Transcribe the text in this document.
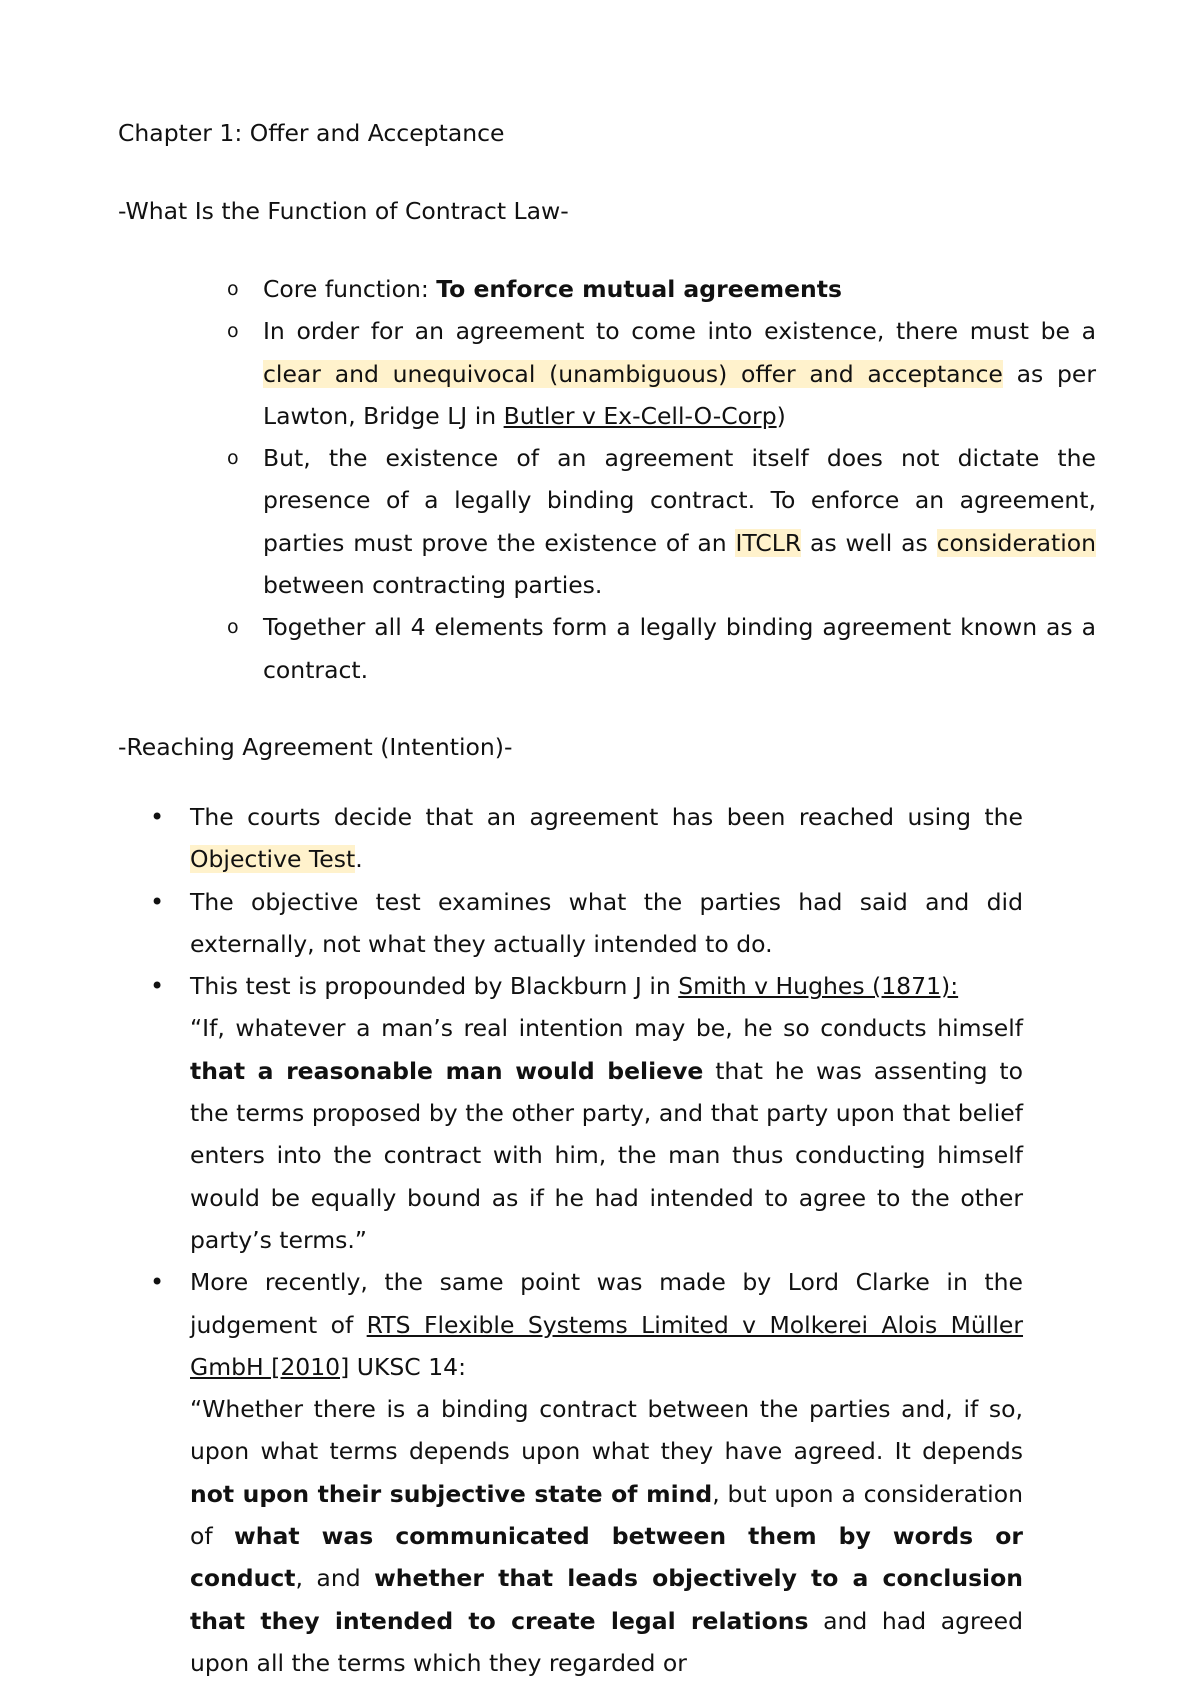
Chapter 1: Offer and Acceptance
-What Is the Function of Contract Law-
o Core function: To enforce mutual agreements
o In order for an agreement to come into existence, there must be a clear and unequivocal (unambiguous) offer and acceptance as per Lawton, Bridge LJ in Butler v Ex-Cell-O-Corp)
o But, the existence of an agreement itself does not dictate the presence of a legally binding contract. To enforce an agreement, parties must prove the existence of an ITCLR as well as consideration between contracting parties.
o Together all 4 elements form a legally binding agreement known as a contract.
-Reaching Agreement (Intention)-
• The courts decide that an agreement has been reached using the Objective Test.
• The objective test examines what the parties had said and did externally, not what they actually intended to do.
• This test is propounded by Blackburn J in Smith v Hughes (1871):
“If, whatever a man’s real intention may be, he so conducts himself that a reasonable man would believe that he was assenting to the terms proposed by the other party, and that party upon that belief enters into the contract with him, the man thus conducting himself would be equally bound as if he had intended to agree to the other party’s terms.”
• More recently, the same point was made by Lord Clarke in the judgement of RTS Flexible Systems Limited v Molkerei Alois Müller GmbH [2010] UKSC 14:
“Whether there is a binding contract between the parties and, if so, upon what terms depends upon what they have agreed. It depends not upon their subjective state of mind, but upon a consideration of what was communicated between them by words or conduct, and whether that leads objectively to a conclusion that they intended to create legal relations and had agreed upon all the terms which they regarded or
